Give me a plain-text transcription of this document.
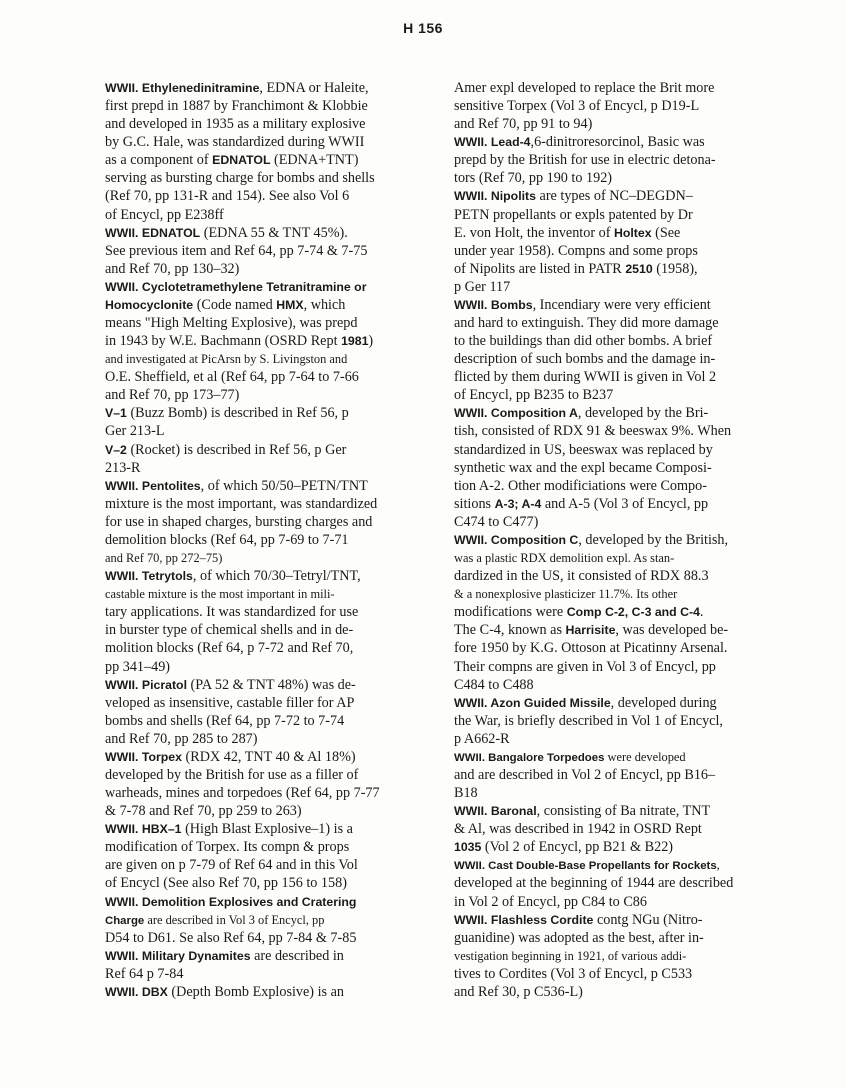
H 156
WWII. Ethylenedinitramine, EDNA or Haleite,
first prepd in 1887 by Franchimont & Klobbie
and developed in 1935 as a military explosive
by G.C. Hale, was standardized during WWII
as a component of EDNATOL (EDNA+TNT)
serving as bursting charge for bombs and shells
(Ref 70, pp 131-R and 154). See also Vol 6
of Encycl, pp E238ff
WWII. EDNATOL (EDNA 55 & TNT 45%).
See previous item and Ref 64, pp 7-74 & 7-75
and Ref 70, pp 130–32)
WWII. Cyclotetramethylene Tetranitramine or
Homocyclonite (Code named HMX, which
means "High Melting Explosive), was prepd
in 1943 by W.E. Bachmann (OSRD Rept 1981)
and investigated at PicArsn by S. Livingston and
O.E. Sheffield, et al (Ref 64, pp 7-64 to 7-66
and Ref 70, pp 173–77)
V–1 (Buzz Bomb) is described in Ref 56, p
Ger 213-L
V–2 (Rocket) is described in Ref 56, p Ger
213-R
WWII. Pentolites, of which 50/50–PETN/TNT
mixture is the most important, was standardized
for use in shaped charges, bursting charges and
demolition blocks (Ref 64, pp 7-69 to 7-71
and Ref 70, pp 272–75)
WWII. Tetrytols, of which 70/30–Tetryl/TNT,
castable mixture is the most important in mili-
tary applications. It was standardized for use
in burster type of chemical shells and in de-
molition blocks (Ref 64, p 7-72 and Ref 70,
pp 341–49)
WWII. Picratol (PA 52 & TNT 48%) was de-
veloped as insensitive, castable filler for AP
bombs and shells (Ref 64, pp 7-72 to 7-74
and Ref 70, pp 285 to 287)
WWII. Torpex (RDX 42, TNT 40 & Al 18%)
developed by the British for use as a filler of
warheads, mines and torpedoes (Ref 64, pp 7-77
& 7-78 and Ref 70, pp 259 to 263)
WWII. HBX–1 (High Blast Explosive–1) is a
modification of Torpex. Its compn & props
are given on p 7-79 of Ref 64 and in this Vol
of Encycl (See also Ref 70, pp 156 to 158)
WWII. Demolition Explosives and Cratering
Charge are described in Vol 3 of Encycl, pp
D54 to D61. Se also Ref 64, pp 7-84 & 7-85
WWII. Military Dynamites are described in
Ref 64 p 7-84
WWII. DBX (Depth Bomb Explosive) is an
Amer expl developed to replace the Brit more
sensitive Torpex (Vol 3 of Encycl, p D19-L
and Ref 70, pp 91 to 94)
WWII. Lead-4,6-dinitroresorcinol, Basic was
prepd by the British for use in electric detona-
tors (Ref 70, pp 190 to 192)
WWII. Nipolits are types of NC–DEGDN–
PETN propellants or expls patented by Dr
E. von Holt, the inventor of Holtex (See
under year 1958). Compns and some props
of Nipolits are listed in PATR 2510 (1958),
p Ger 117
WWII. Bombs, Incendiary were very efficient
and hard to extinguish. They did more damage
to the buildings than did other bombs. A brief
description of such bombs and the damage in-
flicted by them during WWII is given in Vol 2
of Encycl, pp B235 to B237
WWII. Composition A, developed by the Bri-
tish, consisted of RDX 91 & beeswax 9%. When
standardized in US, beeswax was replaced by
synthetic wax and the expl became Composi-
tion A-2. Other modificiations were Compo-
sitions A-3; A-4 and A-5 (Vol 3 of Encycl, pp
C474 to C477)
WWII. Composition C, developed by the British,
was a plastic RDX demolition expl. As stan-
dardized in the US, it consisted of RDX 88.3
& a nonexplosive plasticizer 11.7%. Its other
modifications were Comp C-2, C-3 and C-4.
The C-4, known as Harrisite, was developed be-
fore 1950 by K.G. Ottoson at Picatinny Arsenal.
Their compns are given in Vol 3 of Encycl, pp
C484 to C488
WWII. Azon Guided Missile, developed during
the War, is briefly described in Vol 1 of Encycl,
p A662-R
WWII. Bangalore Torpedoes were developed
and are described in Vol 2 of Encycl, pp B16–
B18
WWII. Baronal, consisting of Ba nitrate, TNT
& Al, was described in 1942 in OSRD Rept
1035 (Vol 2 of Encycl, pp B21 & B22)
WWII. Cast Double-Base Propellants for Rockets,
developed at the beginning of 1944 are described
in Vol 2 of Encycl, pp C84 to C86
WWII. Flashless Cordite contg NGu (Nitro-
guanidine) was adopted as the best, after in-
vestigation beginning in 1921, of various addi-
tives to Cordites (Vol 3 of Encycl, p C533
and Ref 30, p C536-L)
